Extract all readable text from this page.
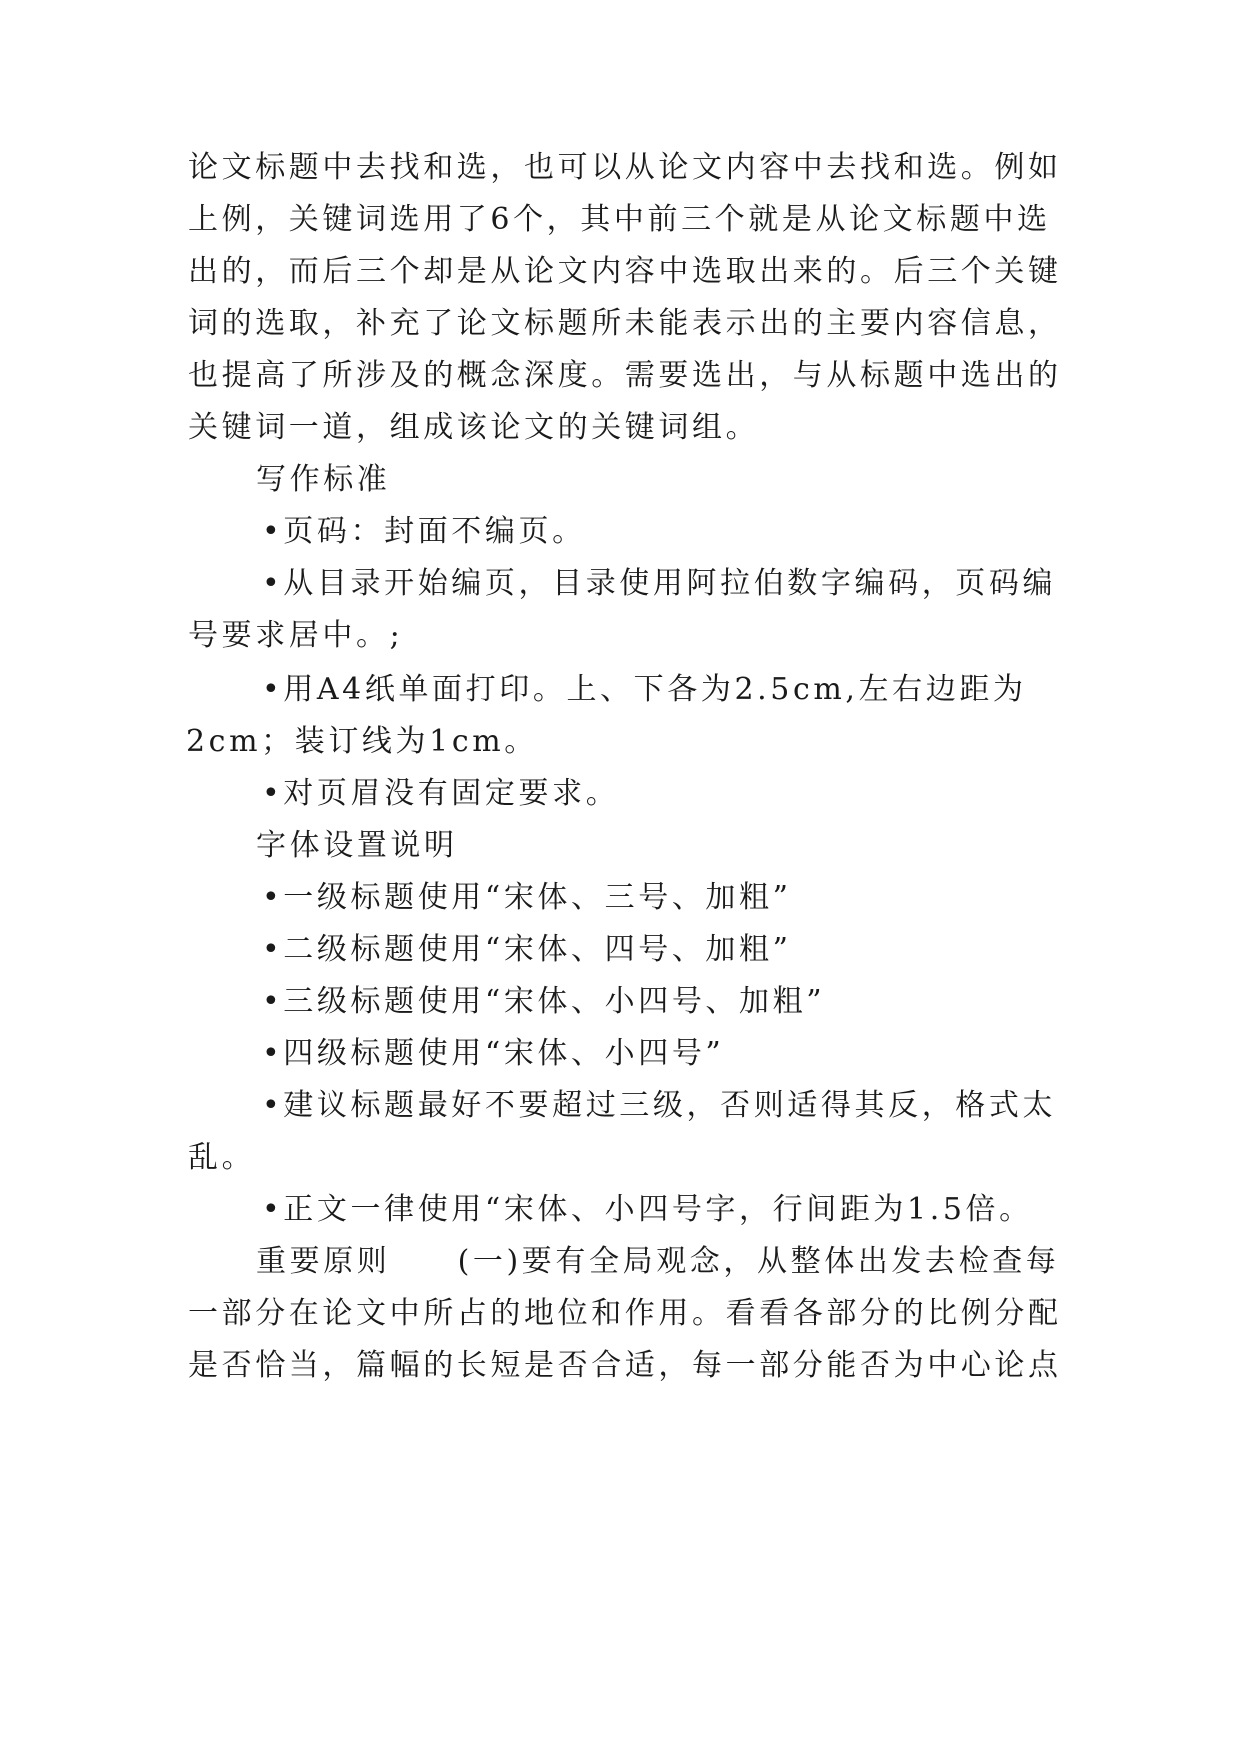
论文标题中去找和选，也可以从论文内容中去找和选。例如
上例，关键词选用了6个，其中前三个就是从论文标题中选
出的，而后三个却是从论文内容中选取出来的。后三个关键
词的选取，补充了论文标题所未能表示出的主要内容信息，
也提高了所涉及的概念深度。需要选出，与从标题中选出的
关键词一道，组成该论文的关键词组。
写作标准
•页码：封面不编页。
•从目录开始编页，目录使用阿拉伯数字编码，页码编
号要求居中。;
•用A4纸单面打印。上、下各为2.5cm,左右边距为
2cm；装订线为1cm。
•对页眉没有固定要求。
字体设置说明
•一级标题使用“宋体、三号、加粗”
•二级标题使用“宋体、四号、加粗”
•三级标题使用“宋体、小四号、加粗”
•四级标题使用“宋体、小四号”
•建议标题最好不要超过三级，否则适得其反，格式太
乱。
•正文一律使用“宋体、小四号字，行间距为1.5倍。
重要原则　　(一)要有全局观念，从整体出发去检查每
一部分在论文中所占的地位和作用。看看各部分的比例分配
是否恰当，篇幅的长短是否合适，每一部分能否为中心论点
